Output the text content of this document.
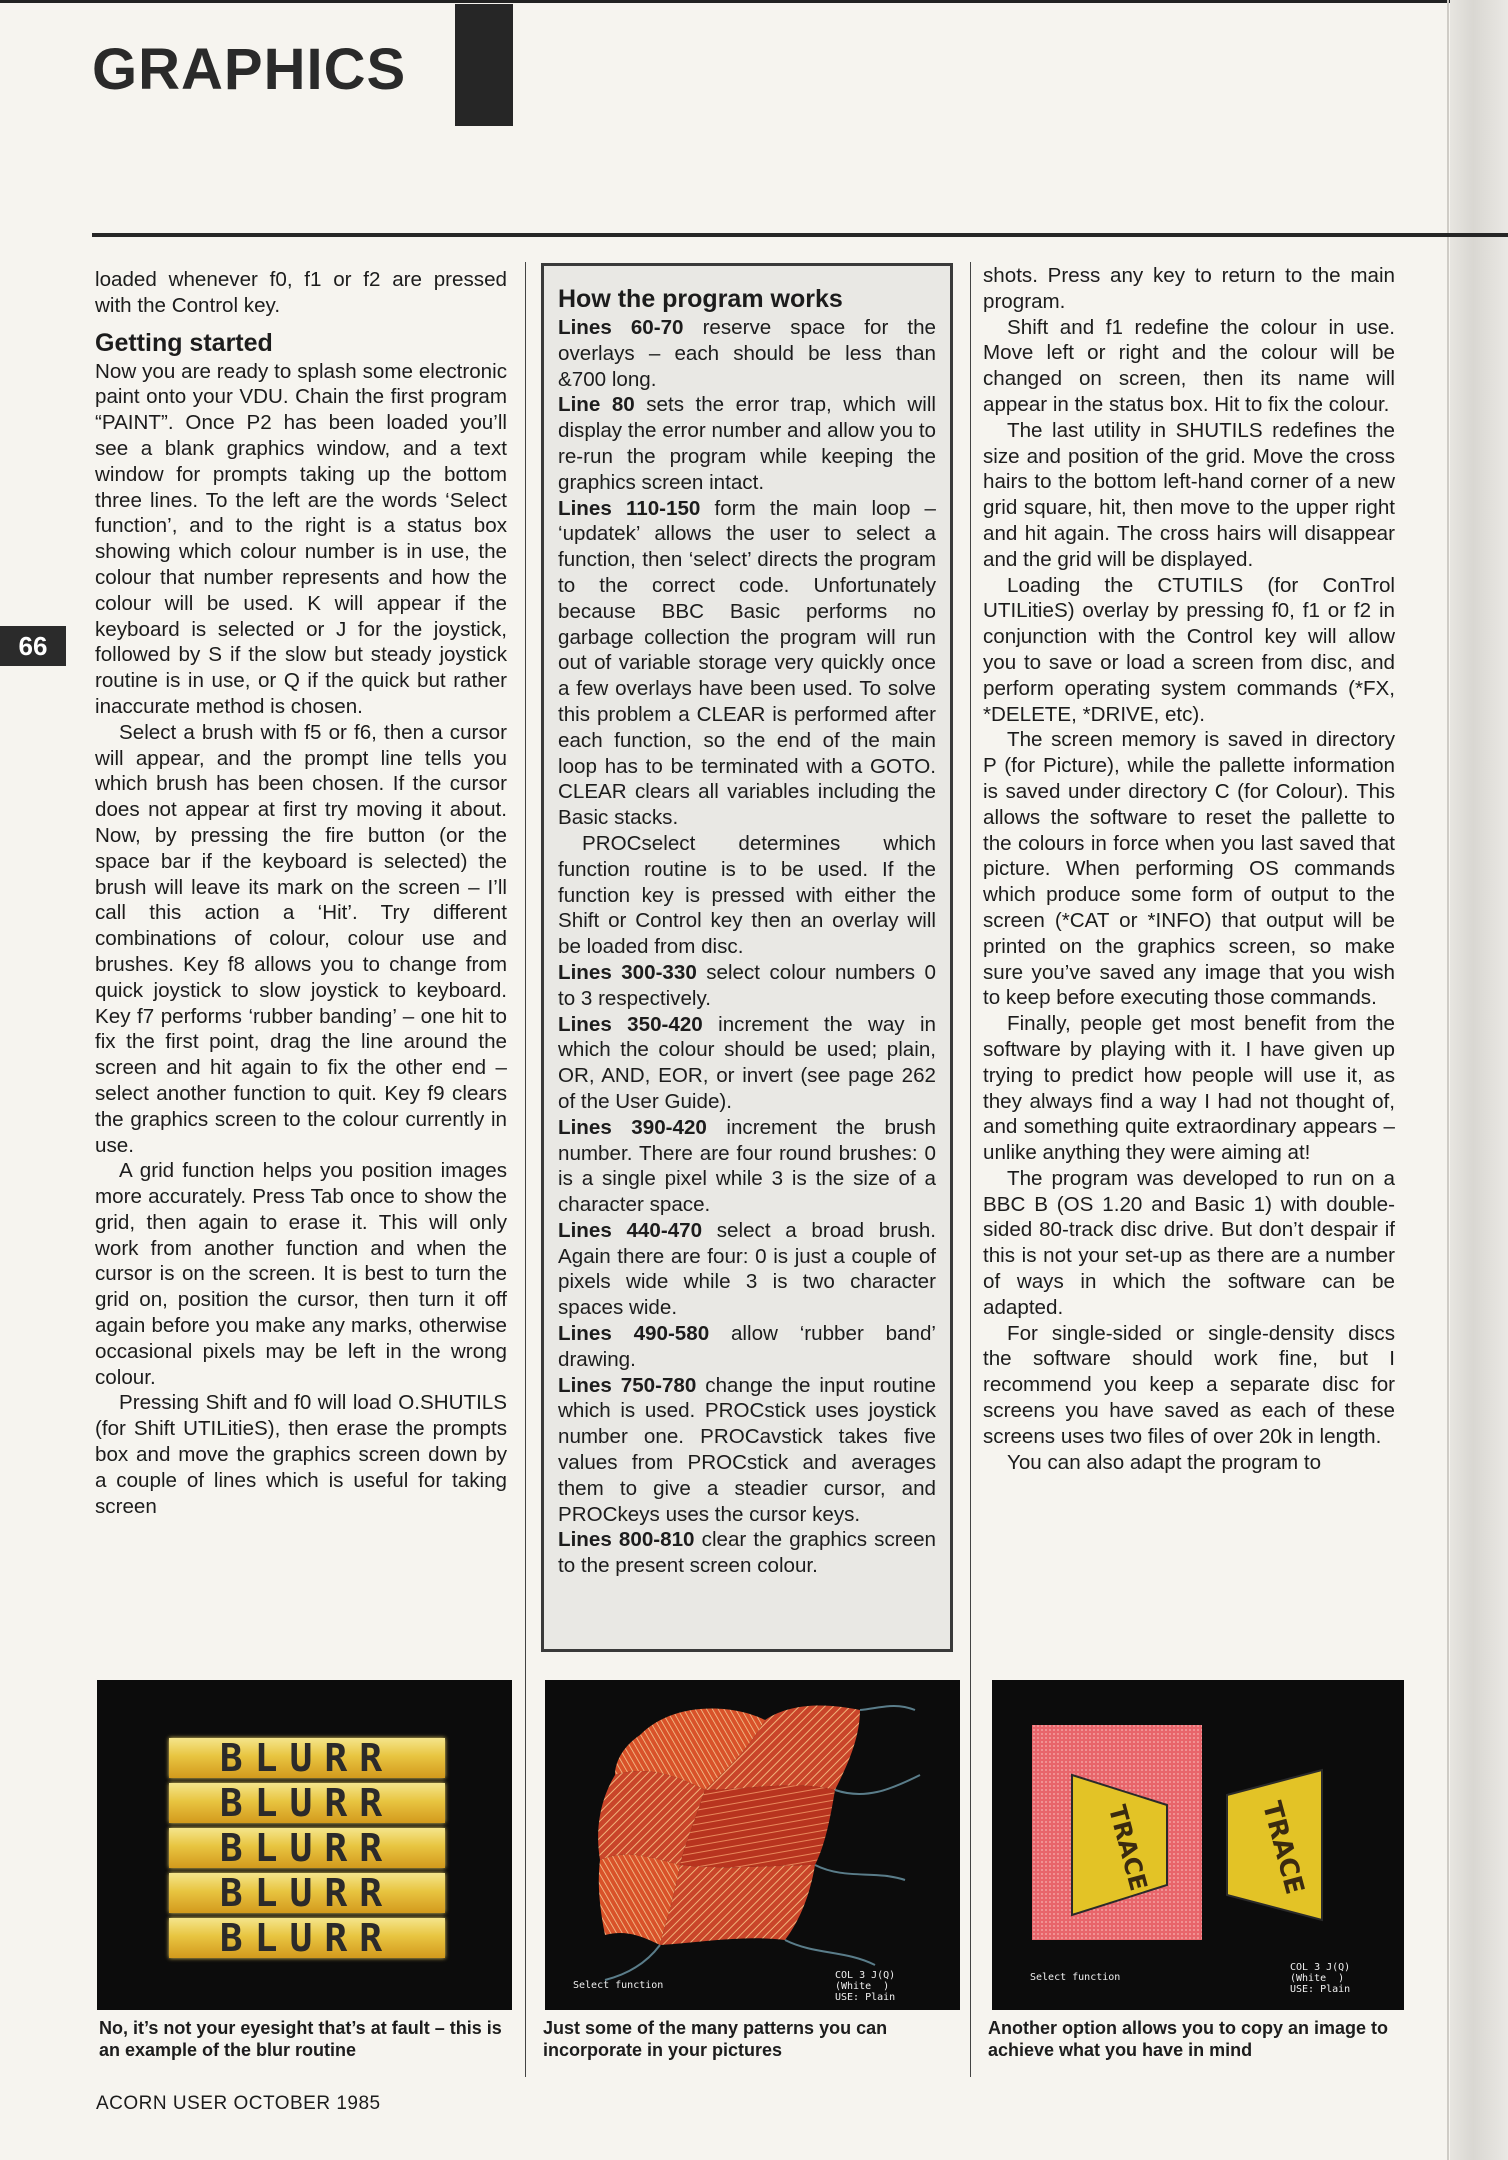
GRAPHICS
66

loaded whenever f0, f1 or f2 are pressed with the Control key.

Getting started

Now you are ready to splash some electronic paint onto your VDU. Chain the first program “PAINT”. Once P2 has been loaded you’ll see a blank graphics window, and a text window for prompts taking up the bottom three lines. To the left are the words ‘Select function’, and to the right is a status box showing which colour number is in use, the colour that number represents and how the colour will be used. K will appear if the keyboard is selected or J for the joystick, followed by S if the slow but steady joystick routine is in use, or Q if the quick but rather inaccurate method is chosen.

Select a brush with f5 or f6, then a cursor will appear, and the prompt line tells you which brush has been chosen. If the cursor does not appear at first try moving it about. Now, by pressing the fire button (or the space bar if the keyboard is selected) the brush will leave its mark on the screen – I’ll call this action a ‘Hit’. Try different combinations of colour, colour use and brushes. Key f8 allows you to change from quick joystick to slow joystick to keyboard. Key f7 performs ‘rubber banding’ – one hit to fix the first point, drag the line around the screen and hit again to fix the other end – select another function to quit. Key f9 clears the graphics screen to the colour currently in use.

A grid function helps you position images more accurately. Press Tab once to show the grid, then again to erase it. This will only work from another function and when the cursor is on the screen. It is best to turn the grid on, position the cursor, then turn it off again before you make any marks, otherwise occasional pixels may be left in the wrong colour.

Pressing Shift and f0 will load O.SHUTILS (for Shift UTILitieS), then erase the prompts box and move the graphics screen down by a couple of lines which is useful for taking screen

How the program works

Lines 60-70 reserve space for the overlays – each should be less than &700 long.

Line 80 sets the error trap, which will display the error number and allow you to re-run the program while keeping the graphics screen intact.

Lines 110-150 form the main loop – ‘updatek’ allows the user to select a function, then ‘select’ directs the program to the correct code. Unfortunately because BBC Basic performs no garbage collection the program will run out of variable storage very quickly once a few overlays have been used. To solve this problem a CLEAR is performed after each function, so the end of the main loop has to be terminated with a GOTO. CLEAR clears all variables including the Basic stacks.

PROCselect determines which function routine is to be used. If the function key is pressed with either the Shift or Control key then an overlay will be loaded from disc.

Lines 300-330 select colour numbers 0 to 3 respectively.

Lines 350-420 increment the way in which the colour should be used; plain, OR, AND, EOR, or invert (see page 262 of the User Guide).

Lines 390-420 increment the brush number. There are four round brushes: 0 is a single pixel while 3 is the size of a character space.

Lines 440-470 select a broad brush. Again there are four: 0 is just a couple of pixels wide while 3 is two character spaces wide.

Lines 490-580 allow ‘rubber band’ drawing.

Lines 750-780 change the input routine which is used. PROCstick uses joystick number one. PROCavstick takes five values from PROCstick and averages them to give a steadier cursor, and PROCkeys uses the cursor keys.

Lines 800-810 clear the graphics screen to the present screen colour.

shots. Press any key to return to the main program.

Shift and f1 redefine the colour in use. Move left or right and the colour will be changed on screen, then its name will appear in the status box. Hit to fix the colour.

The last utility in SHUTILS redefines the size and position of the grid. Move the cross hairs to the bottom left-hand corner of a new grid square, hit, then move to the upper right and hit again. The cross hairs will disappear and the grid will be displayed.

Loading the CTUTILS (for ConTrol UTILitieS) overlay by pressing f0, f1 or f2 in conjunction with the Control key will allow you to save or load a screen from disc, and perform operating system commands (*FX, *DELETE, *DRIVE, etc).

The screen memory is saved in directory P (for Picture), while the pallette information is saved under directory C (for Colour). This allows the software to reset the pallette to the colours in force when you last saved that picture. When performing OS commands which produce some form of output to the screen (*CAT or *INFO) that output will be printed on the graphics screen, so make sure you’ve saved any image that you wish to keep before executing those commands.

Finally, people get most benefit from the software by playing with it. I have given up trying to predict how people will use it, as they always find a way I had not thought of, and something quite extraordinary appears – unlike anything they were aiming at!

The program was developed to run on a BBC B (OS 1.20 and Basic 1) with double-sided 80-track disc drive. But don’t despair if this is not your set-up as there are a number of ways in which the software can be adapted.

For single-sided or single-density discs the software should work fine, but I recommend you keep a separate disc for screens you have saved as each of these screens uses two files of over 20k in length.

You can also adapt the program to

BLURR
BLURR
BLURR
BLURR
BLURR
No, it’s not your eyesight that’s at fault – this is an example of the blur routine
Select function
COL 3 J(Q)
(White  )
USE: Plain
Just some of the many patterns you can incorporate in your pictures
TRACE	TRACE
Select function
COL 3 J(Q)
(White  )
USE: Plain
Another option allows you to copy an image to achieve what you have in mind
ACORN USER OCTOBER 1985
